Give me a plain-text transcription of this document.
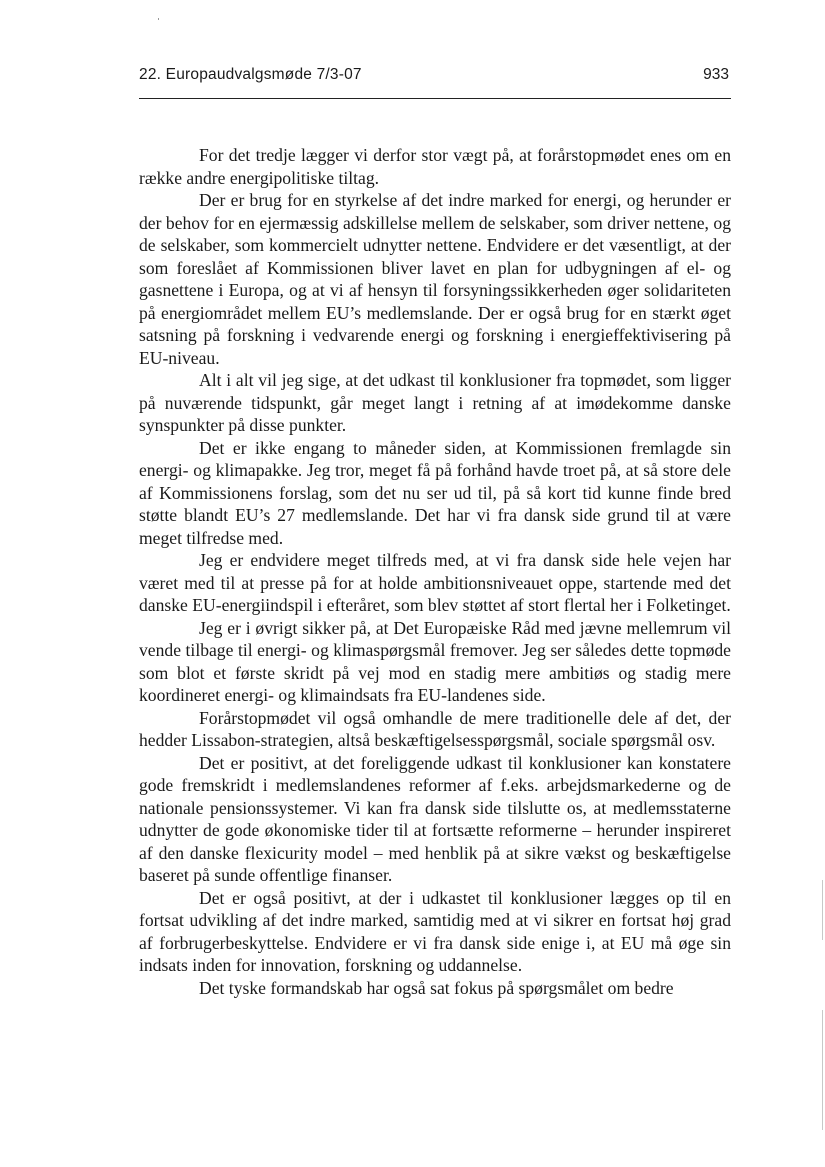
22. Europaudvalgsmøde 7/3-07	933

For det tredje lægger vi derfor stor vægt på, at forårstopmødet enes om en række andre energipolitiske tiltag.

Der er brug for en styrkelse af det indre marked for energi, og herunder er der behov for en ejermæssig adskillelse mellem de selskaber, som driver nettene, og de selskaber, som kommercielt udnytter nettene. Endvidere er det væsentligt, at der som foreslået af Kommissionen bliver lavet en plan for udbygningen af el- og gasnettene i Europa, og at vi af hensyn til forsyningssikkerheden øger solidariteten på energiområdet mellem EU’s medlemslande. Der er også brug for en stærkt øget satsning på forskning i vedvarende energi og forskning i energieffektivisering på EU-niveau.

Alt i alt vil jeg sige, at det udkast til konklusioner fra topmødet, som ligger på nuværende tidspunkt, går meget langt i retning af at imødekomme danske synspunkter på disse punkter.

Det er ikke engang to måneder siden, at Kommissionen fremlagde sin energi- og klimapakke. Jeg tror, meget få på forhånd havde troet på, at så store dele af Kommissionens forslag, som det nu ser ud til, på så kort tid kunne finde bred støtte blandt EU’s 27 medlemslande. Det har vi fra dansk side grund til at være meget tilfredse med.

Jeg er endvidere meget tilfreds med, at vi fra dansk side hele vejen har været med til at presse på for at holde ambitionsniveauet oppe, startende med det danske EU-energiindspil i efteråret, som blev støttet af stort flertal her i Folketinget.

Jeg er i øvrigt sikker på, at Det Europæiske Råd med jævne mellemrum vil vende tilbage til energi- og klimaspørgsmål fremover. Jeg ser således dette topmøde som blot et første skridt på vej mod en stadig mere ambitiøs og stadig mere koordineret energi- og klimaindsats fra EU-landenes side.

Forårstopmødet vil også omhandle de mere traditionelle dele af det, der hedder Lissabon-strategien, altså beskæftigelsesspørgsmål, sociale spørgsmål osv.

Det er positivt, at det foreliggende udkast til konklusioner kan konstatere gode fremskridt i medlemslandenes reformer af f.eks. arbejdsmarkederne og de nationale pensionssystemer. Vi kan fra dansk side tilslutte os, at medlemsstaterne udnytter de gode økonomiske tider til at fortsætte reformerne – herunder inspireret af den danske flexicurity model – med henblik på at sikre vækst og beskæftigelse baseret på sunde offentlige finanser.

Det er også positivt, at der i udkastet til konklusioner lægges op til en fortsat udvikling af det indre marked, samtidig med at vi sikrer en fortsat høj grad af forbrugerbeskyttelse. Endvidere er vi fra dansk side enige i, at EU må øge sin indsats inden for innovation, forskning og uddannelse.

Det tyske formandskab har også sat fokus på spørgsmålet om bedre
